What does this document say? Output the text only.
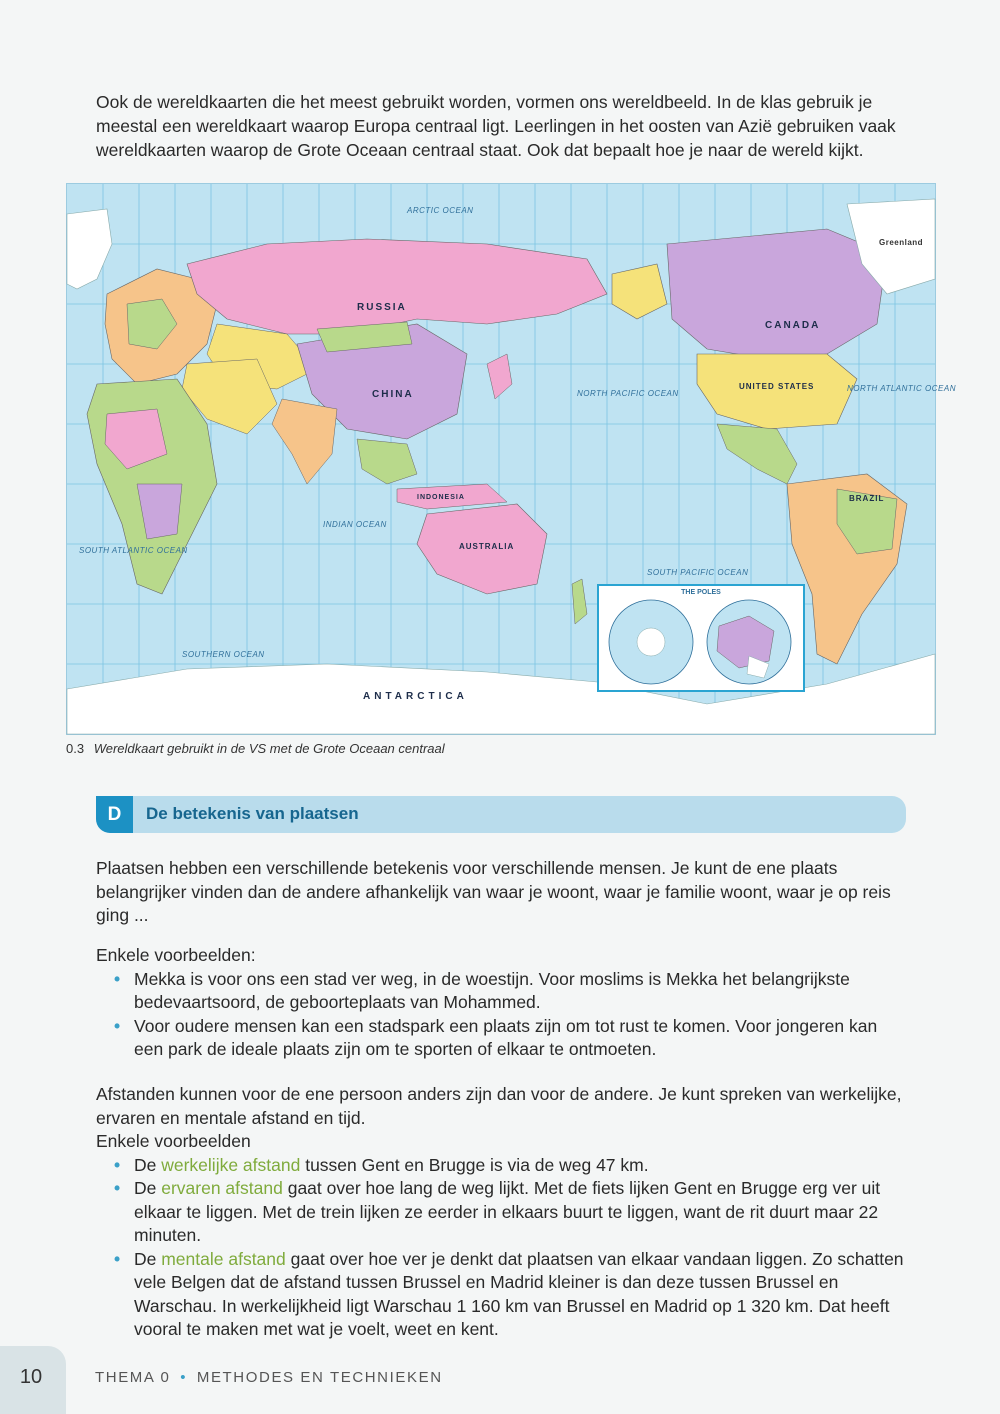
Ook de wereldkaarten die het meest gebruikt worden, vormen ons wereldbeeld. In de klas gebruik je meestal een wereldkaart waarop Europa centraal ligt. Leerlingen in het oosten van Azië gebruiken vaak wereldkaarten waarop de Grote Oceaan centraal staat. Ook dat bepaalt hoe je naar de wereld kijkt.
ARCTIC OCEAN
RUSSIA
CHINA
CANADA
UNITED STATES
BRAZIL
AUSTRALIA
INDONESIA
ANTARCTICA
NORTH PACIFIC OCEAN
SOUTH PACIFIC OCEAN
NORTH ATLANTIC OCEAN
SOUTH ATLANTIC OCEAN
INDIAN OCEAN
SOUTHERN OCEAN
Greenland
THE POLES
0.3 Wereldkaart gebruikt in de VS met de Grote Oceaan centraal
D	De betekenis van plaatsen
Plaatsen hebben een verschillende betekenis voor verschillende mensen. Je kunt de ene plaats belangrijker vinden dan de andere afhankelijk van waar je woont, waar je familie woont, waar je op reis ging ...
Enkele voorbeelden:
• Mekka is voor ons een stad ver weg, in de woestijn. Voor moslims is Mekka het belangrijkste bedevaartsoord, de geboorteplaats van Mohammed.
• Voor oudere mensen kan een stadspark een plaats zijn om tot rust te komen. Voor jongeren kan een park de ideale plaats zijn om te sporten of elkaar te ontmoeten.
Afstanden kunnen voor de ene persoon anders zijn dan voor de andere. Je kunt spreken van werkelijke, ervaren en mentale afstand en tijd.
Enkele voorbeelden
• De werkelijke afstand tussen Gent en Brugge is via de weg 47 km.
• De ervaren afstand gaat over hoe lang de weg lijkt. Met de fiets lijken Gent en Brugge erg ver uit elkaar te liggen. Met de trein lijken ze eerder in elkaars buurt te liggen, want de rit duurt maar 22 minuten.
• De mentale afstand gaat over hoe ver je denkt dat plaatsen van elkaar vandaan liggen. Zo schatten vele Belgen dat de afstand tussen Brussel en Madrid kleiner is dan deze tussen Brussel en Warschau. In werkelijkheid ligt Warschau 1 160 km van Brussel en Madrid op 1 320 km. Dat heeft vooral te maken met wat je voelt, weet en kent.
10	THEMA 0 • METHODES EN TECHNIEKEN
